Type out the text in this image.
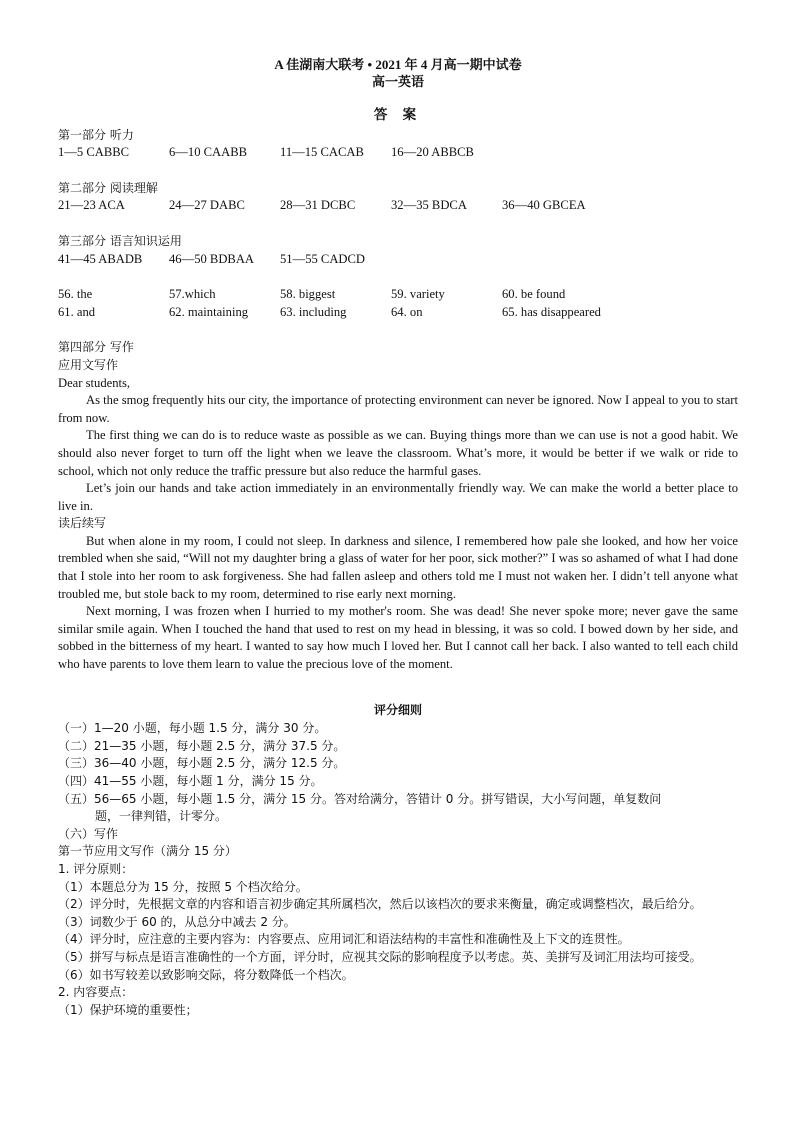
A 佳湖南大联考 • 2021 年 4 月高一期中试卷
高一英语
答 案
第一部分 听力
1—5 CABBC	6—10 CAABB	11—15 CACAB	16—20 ABBCB
第二部分 阅读理解
21—23 ACA	24—27 DABC	28—31 DCBC	32—35 BDCA	36—40 GBCEA
第三部分 语言知识运用
41—45 ABADB	46—50 BDBAA	51—55 CADCD
56. the	57.which	58. biggest	59. variety	60. be found
61. and	62. maintaining	63. including	64. on	65. has disappeared
第四部分 写作
应用文写作
Dear students,
As the smog frequently hits our city, the importance of protecting environment can never be ignored. Now I appeal to you to start from now.
The first thing we can do is to reduce waste as possible as we can. Buying things more than we can use is not a good habit. We should also never forget to turn off the light when we leave the classroom. What’s more, it would be better if we walk or ride to school, which not only reduce the traffic pressure but also reduce the harmful gases.
Let’s join our hands and take action immediately in an environmentally friendly way. We can make the world a better place to live in.
读后续写
But when alone in my room, I could not sleep. In darkness and silence, I remembered how pale she looked, and how her voice trembled when she said, “Will not my daughter bring a glass of water for her poor, sick mother?” I was so ashamed of what I had done that I stole into her room to ask forgiveness. She had fallen asleep and others told me I must not waken her. I didn’t tell anyone what troubled me, but stole back to my room, determined to rise early next morning.
Next morning, I was frozen when I hurried to my mother's room. She was dead! She never spoke more; never gave the same similar smile again. When I touched the hand that used to rest on my head in blessing, it was so cold. I bowed down by her side, and sobbed in the bitterness of my heart. I wanted to say how much I loved her. But I cannot call her back. I also wanted to tell each child who have parents to love them learn to value the precious love of the moment.
评分细则
（一）1—20 小题，每小题 1.5 分，满分 30 分。
（二）21—35 小题，每小题 2.5 分，满分 37.5 分。
（三）36—40 小题，每小题 2.5 分，满分 12.5 分。
（四）41—55 小题，每小题 1 分，满分 15 分。
（五）56—65 小题，每小题 1.5 分，满分 15 分。答对给满分，答错计 0 分。拼写错误，大小写问题，单复数问
题，一律判错，计零分。
（六）写作
第一节应用文写作（满分 15 分）
1. 评分原则：
（1）本题总分为 15 分，按照 5 个档次给分。
（2）评分时，先根据文章的内容和语言初步确定其所属档次，然后以该档次的要求来衡量，确定或调整档次，最后给分。
（3）词数少于 60 的，从总分中减去 2 分。
（4）评分时，应注意的主要内容为：内容要点、应用词汇和语法结构的丰富性和准确性及上下文的连贯性。
（5）拼写与标点是语言准确性的一个方面，评分时，应视其交际的影响程度予以考虑。英、美拼写及词汇用法均可接受。
（6）如书写较差以致影响交际，将分数降低一个档次。
2. 内容要点：
（1）保护环境的重要性；
